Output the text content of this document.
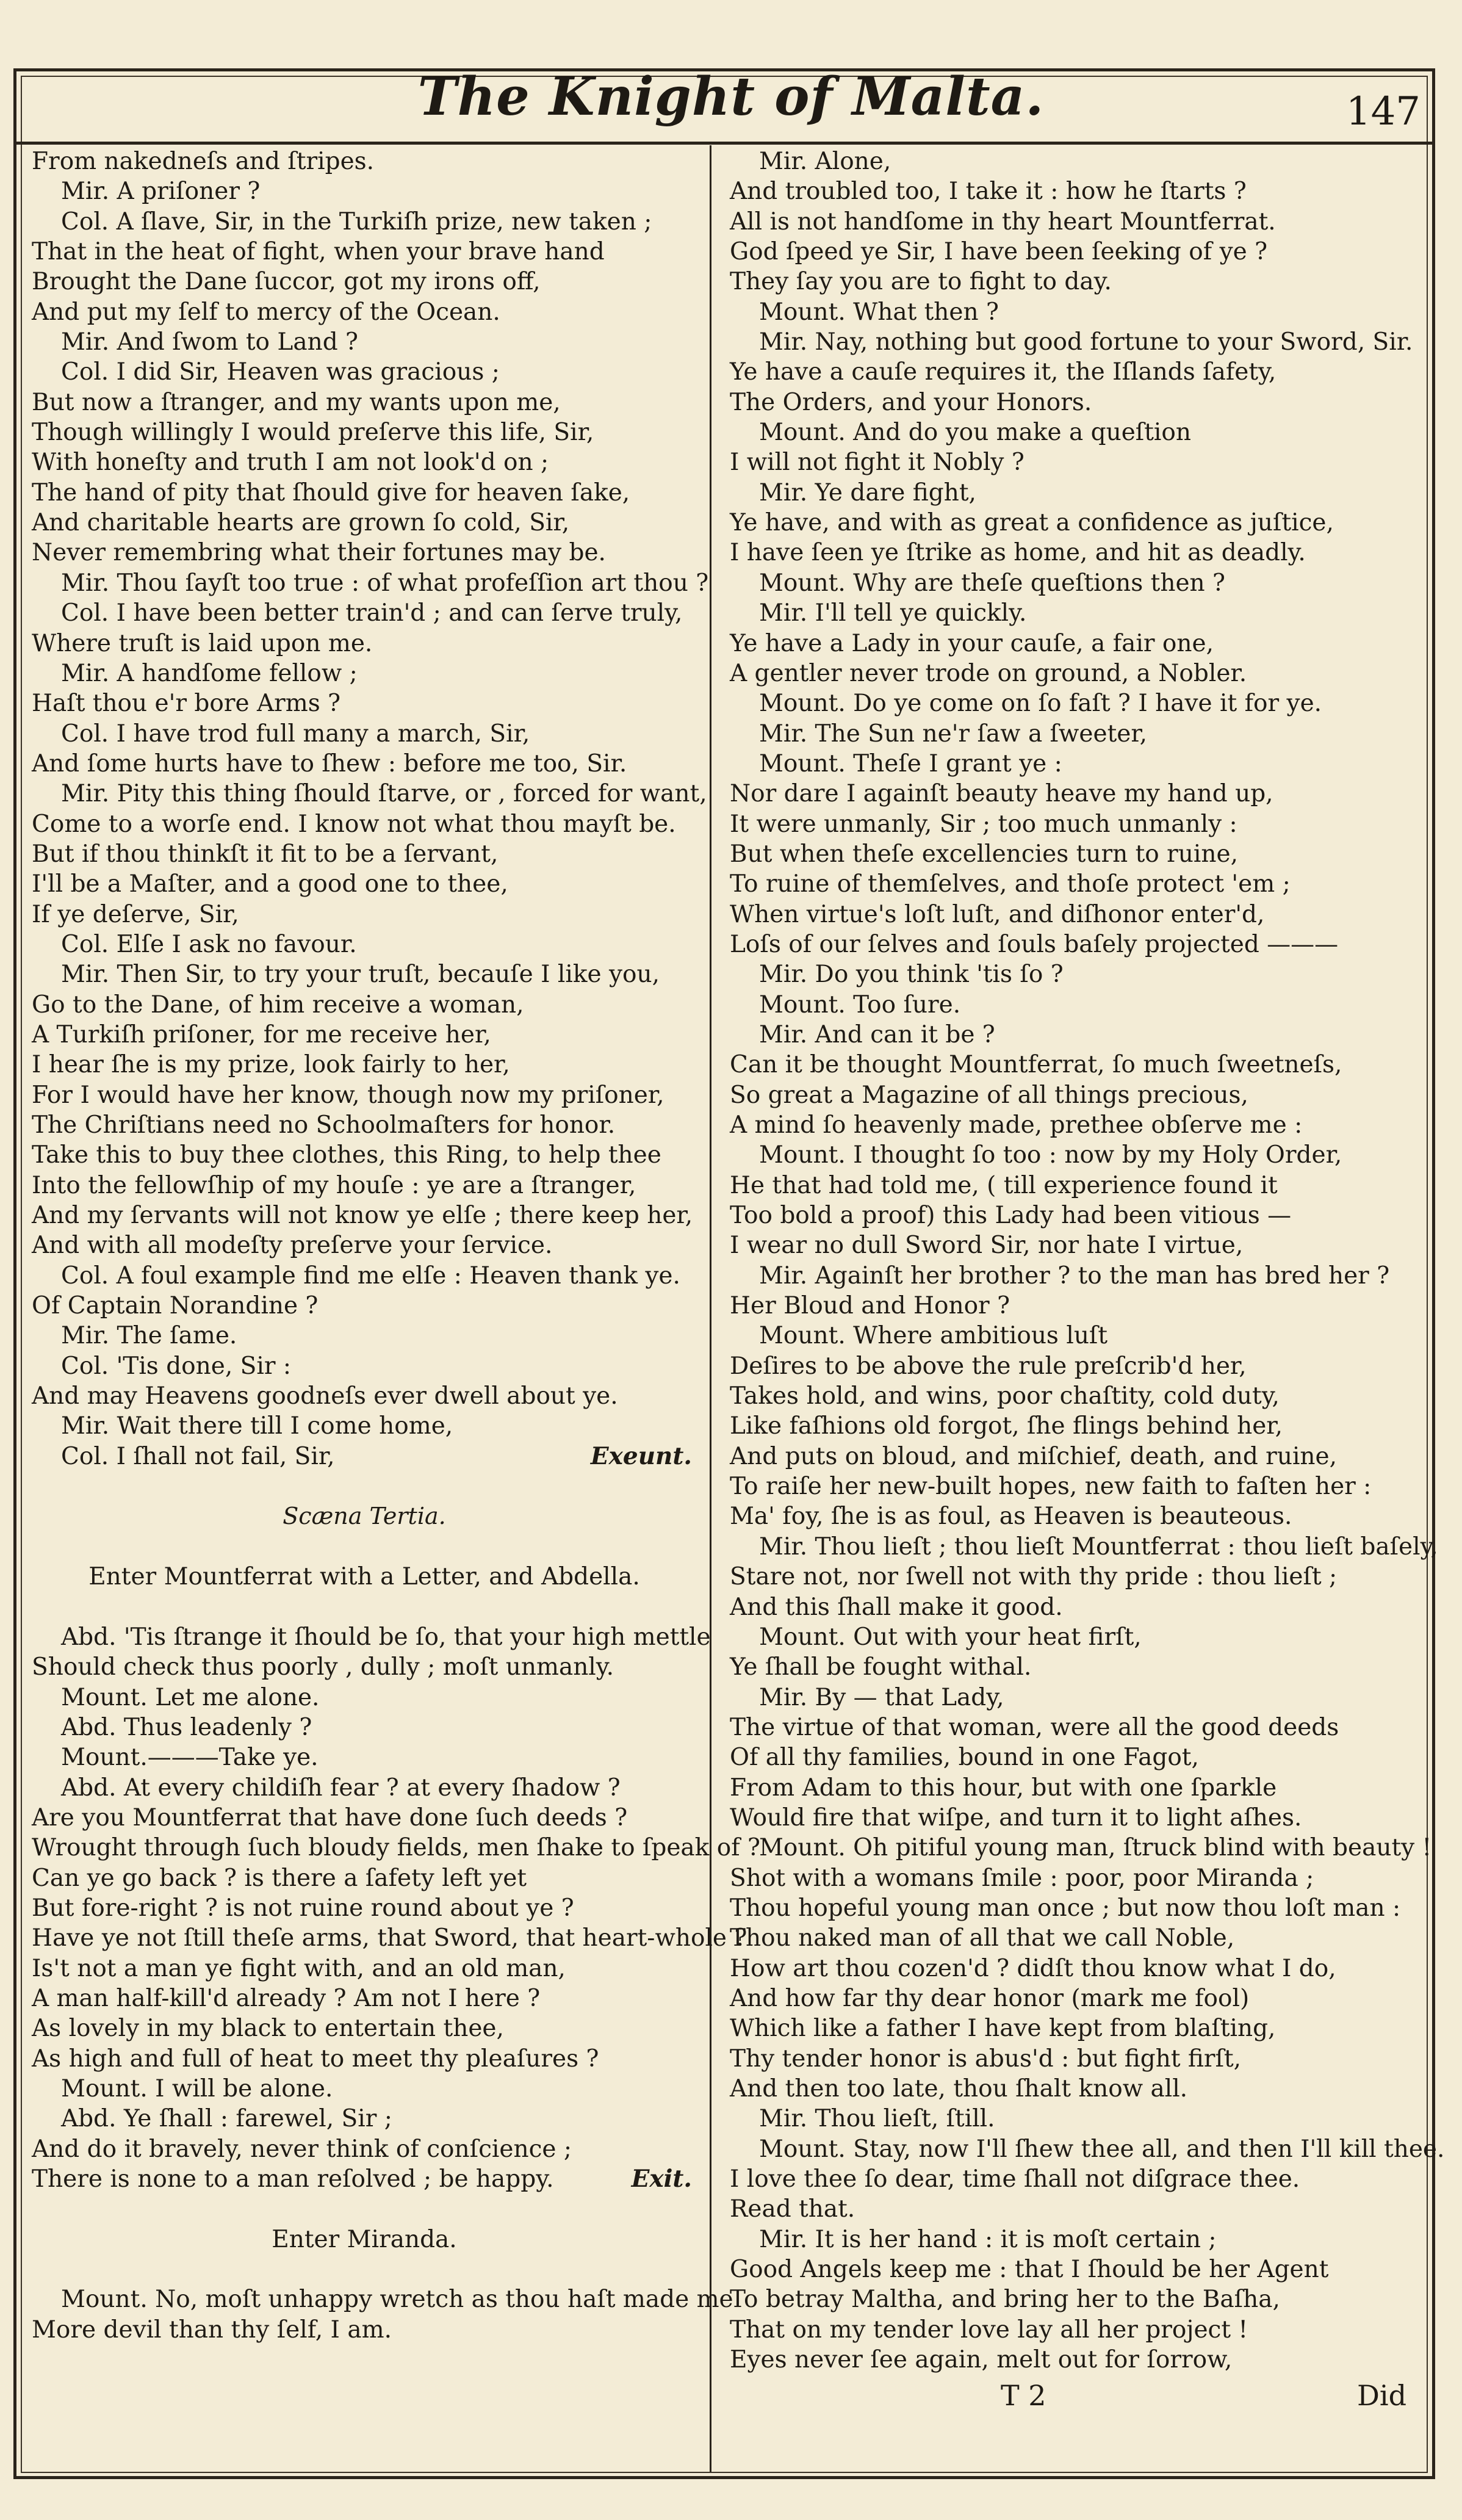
The Knight of Malta.	147
From nakedneſs and ſtripes.
Mir. A priſoner ?
Col. A ſlave, Sir, in the Turkiſh prize, new taken ;
That in the heat of fight, when your brave hand
Brought the Dane ſuccor, got my irons off,
And put my ſelf to mercy of the Ocean.
Mir. And ſwom to Land ?
Col. I did Sir, Heaven was gracious ;
But now a ſtranger, and my wants upon me,
Though willingly I would preſerve this life, Sir,
With honeſty and truth I am not look'd on ;
The hand of pity that ſhould give for heaven ſake,
And charitable hearts are grown ſo cold, Sir,
Never remembring what their fortunes may be.
Mir. Thou ſayſt too true : of what profeſſion art thou ?
Col. I have been better train'd ; and can ſerve truly,
Where truſt is laid upon me.
Mir. A handſome fellow ;
Haſt thou e'r bore Arms ?
Col. I have trod full many a march, Sir,
And ſome hurts have to ſhew : before me too, Sir.
Mir. Pity this thing ſhould ſtarve, or , forced for want,
Come to a worſe end. I know not what thou mayſt be.
But if thou thinkſt it fit to be a ſervant,
I'll be a Maſter, and a good one to thee,
If ye deſerve, Sir,
Col. Elſe I ask no favour.
Mir. Then Sir, to try your truſt, becauſe I like you,
Go to the Dane, of him receive a woman,
A Turkiſh priſoner, for me receive her,
I hear ſhe is my prize, look fairly to her,
For I would have her know, though now my priſoner,
The Chriſtians need no Schoolmaſters for honor.
Take this to buy thee clothes, this Ring, to help thee
Into the fellowſhip of my houſe : ye are a ſtranger,
And my ſervants will not know ye elſe ; there keep her,
And with all modeſty preſerve your ſervice.
Col. A foul example find me elſe : Heaven thank ye.
Of Captain Norandine ?
Mir. The ſame.
Col. 'Tis done, Sir :
And may Heavens goodneſs ever dwell about ye.
Mir. Wait there till I come home,
Col. I ſhall not fail, Sir,	Exeunt.
Scæna Tertia.
Enter Mountferrat with a Letter, and Abdella.
Abd. 'Tis ſtrange it ſhould be ſo, that your high mettle
Should check thus poorly , dully ; moſt unmanly.
Mount. Let me alone.
Abd. Thus leadenly ?
Mount.———Take ye.
Abd. At every childiſh fear ? at every ſhadow ?
Are you Mountferrat that have done ſuch deeds ?
Wrought through ſuch bloudy fields, men ſhake to ſpeak of ?
Can ye go back ? is there a ſafety left yet
But fore-right ? is not ruine round about ye ?
Have ye not ſtill theſe arms, that Sword, that heart-whole ?
Is't not a man ye fight with, and an old man,
A man half-kill'd already ? Am not I here ?
As lovely in my black to entertain thee,
As high and full of heat to meet thy pleaſures ?
Mount. I will be alone.
Abd. Ye ſhall : farewel, Sir ;
And do it bravely, never think of conſcience ;
There is none to a man reſolved ; be happy.	Exit.
Enter Miranda.
Mount. No, moſt unhappy wretch as thou haſt made me
More devil than thy ſelf, I am.
Mir. Alone,
And troubled too, I take it : how he ſtarts ?
All is not handſome in thy heart Mountferrat.
God ſpeed ye Sir, I have been ſeeking of ye ?
They ſay you are to fight to day.
Mount. What then ?
Mir. Nay, nothing but good fortune to your Sword, Sir.
Ye have a cauſe requires it, the Iſlands ſafety,
The Orders, and your Honors.
Mount. And do you make a queſtion
I will not fight it Nobly ?
Mir. Ye dare fight,
Ye have, and with as great a confidence as juſtice,
I have ſeen ye ſtrike as home, and hit as deadly.
Mount. Why are theſe queſtions then ?
Mir. I'll tell ye quickly.
Ye have a Lady in your cauſe, a fair one,
A gentler never trode on ground, a Nobler.
Mount. Do ye come on ſo faſt ? I have it for ye.
Mir. The Sun ne'r ſaw a ſweeter,
Mount. Theſe I grant ye :
Nor dare I againſt beauty heave my hand up,
It were unmanly, Sir ; too much unmanly :
But when theſe excellencies turn to ruine,
To ruine of themſelves, and thoſe protect 'em ;
When virtue's loſt luſt, and diſhonor enter'd,
Loſs of our ſelves and ſouls baſely projected ———
Mir. Do you think 'tis ſo ?
Mount. Too ſure.
Mir. And can it be ?
Can it be thought Mountferrat, ſo much ſweetneſs,
So great a Magazine of all things precious,
A mind ſo heavenly made, prethee obſerve me :
Mount. I thought ſo too : now by my Holy Order,
He that had told me, ( till experience found it
Too bold a proof) this Lady had been vitious —
I wear no dull Sword Sir, nor hate I virtue,
Mir. Againſt her brother ? to the man has bred her ?
Her Bloud and Honor ?
Mount. Where ambitious luſt
Deſires to be above the rule preſcrib'd her,
Takes hold, and wins, poor chaſtity, cold duty,
Like faſhions old forgot, ſhe flings behind her,
And puts on bloud, and miſchief, death, and ruine,
To raiſe her new-built hopes, new faith to faſten her :
Ma' foy, ſhe is as foul, as Heaven is beauteous.
Mir. Thou lieſt ; thou lieſt Mountferrat : thou lieſt baſely,
Stare not, nor ſwell not with thy pride : thou lieſt ;
And this ſhall make it good.
Mount. Out with your heat firſt,
Ye ſhall be fought withal.
Mir. By — that Lady,
The virtue of that woman, were all the good deeds
Of all thy families, bound in one Fagot,
From Adam to this hour, but with one ſparkle
Would fire that wiſpe, and turn it to light aſhes.
Mount. Oh pitiful young man, ſtruck blind with beauty !
Shot with a womans ſmile : poor, poor Miranda ;
Thou hopeful young man once ; but now thou loſt man :
Thou naked man of all that we call Noble,
How art thou cozen'd ? didſt thou know what I do,
And how far thy dear honor (mark me fool)
Which like a father I have kept from blaſting,
Thy tender honor is abus'd : but fight firſt,
And then too late, thou ſhalt know all.
Mir. Thou lieſt, ſtill.
Mount. Stay, now I'll ſhew thee all, and then I'll kill thee.
I love thee ſo dear, time ſhall not diſgrace thee.
Read that.
Mir. It is her hand : it is moſt certain ;
Good Angels keep me : that I ſhould be her Agent
To betray Maltha, and bring her to the Baſha,
That on my tender love lay all her project !
Eyes never ſee again, melt out for ſorrow,
T 2	Did
